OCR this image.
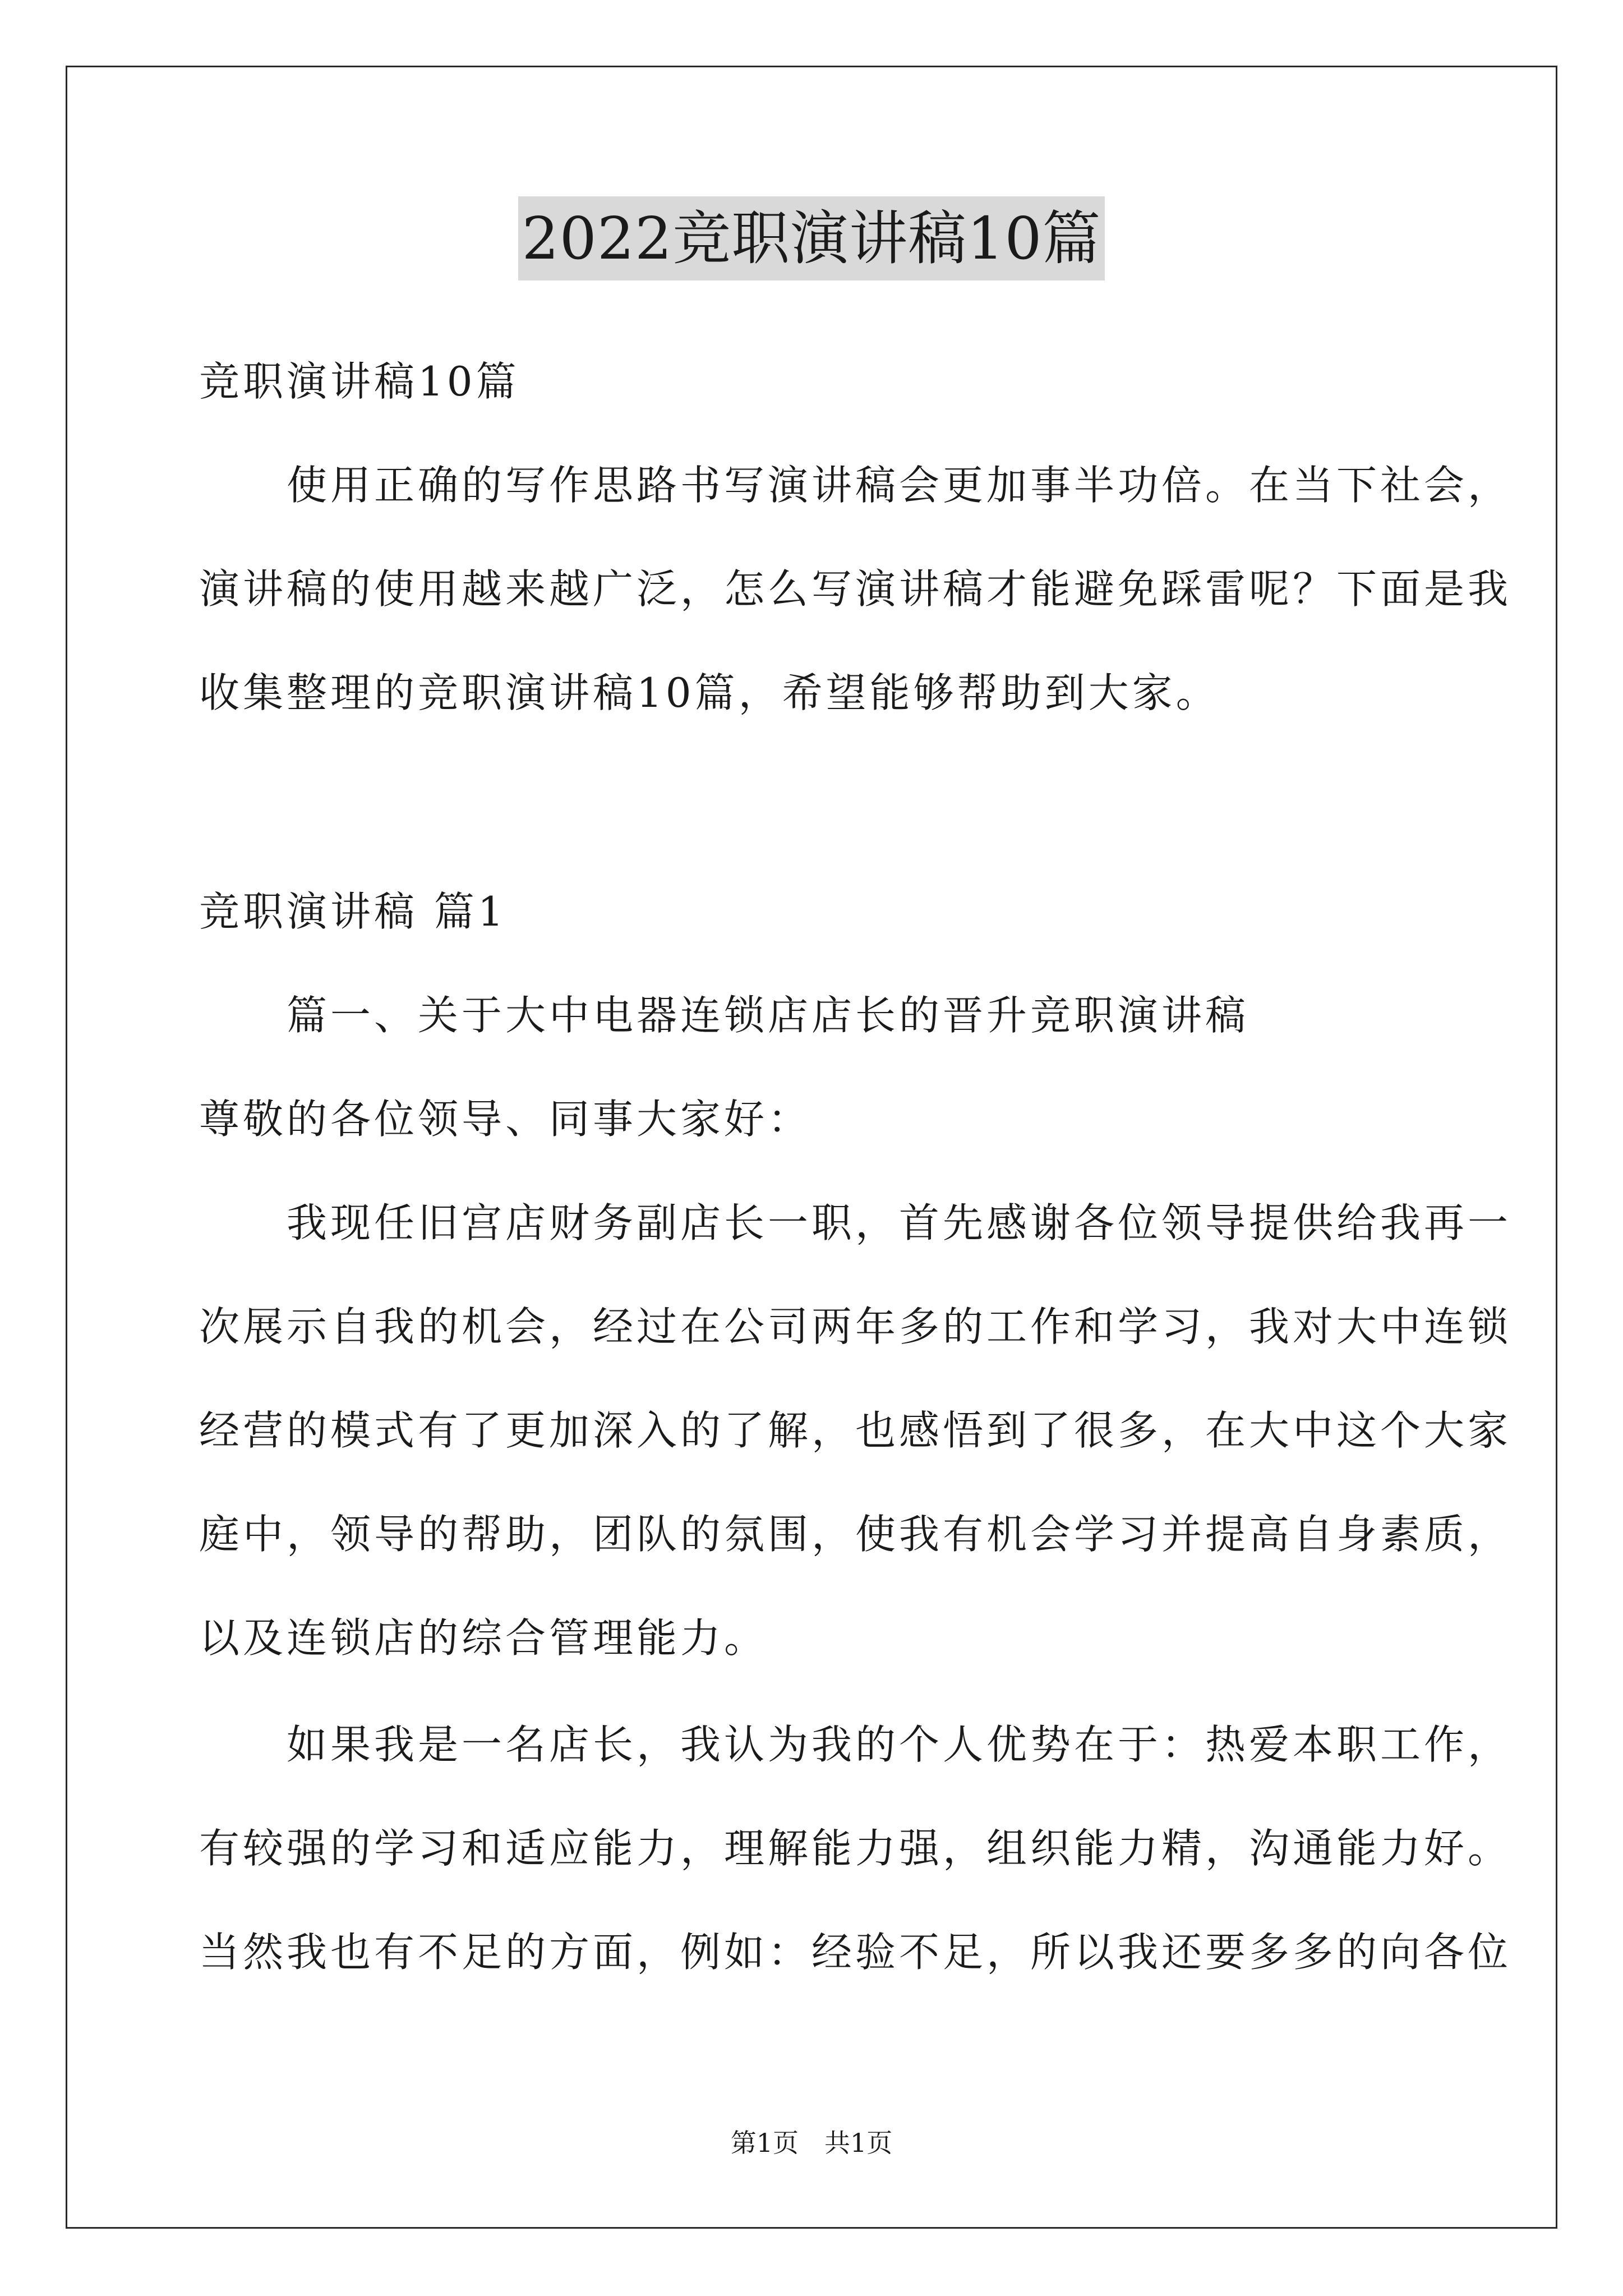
2022竞职演讲稿10篇
竞职演讲稿10篇
　　使用正确的写作思路书写演讲稿会更加事半功倍。在当下社会，
演讲稿的使用越来越广泛，怎么写演讲稿才能避免踩雷呢？下面是我
收集整理的竞职演讲稿10篇，希望能够帮助到大家。
竞职演讲稿 篇1
　　篇一、关于大中电器连锁店店长的晋升竞职演讲稿
尊敬的各位领导、同事大家好：
　　我现任旧宫店财务副店长一职，首先感谢各位领导提供给我再一
次展示自我的机会，经过在公司两年多的工作和学习，我对大中连锁
经营的模式有了更加深入的了解，也感悟到了很多，在大中这个大家
庭中，领导的帮助，团队的氛围，使我有机会学习并提高自身素质，
以及连锁店的综合管理能力。
　　如果我是一名店长，我认为我的个人优势在于：热爱本职工作，
有较强的学习和适应能力，理解能力强，组织能力精，沟通能力好。
当然我也有不足的方面，例如：经验不足，所以我还要多多的向各位
第1页　共1页
